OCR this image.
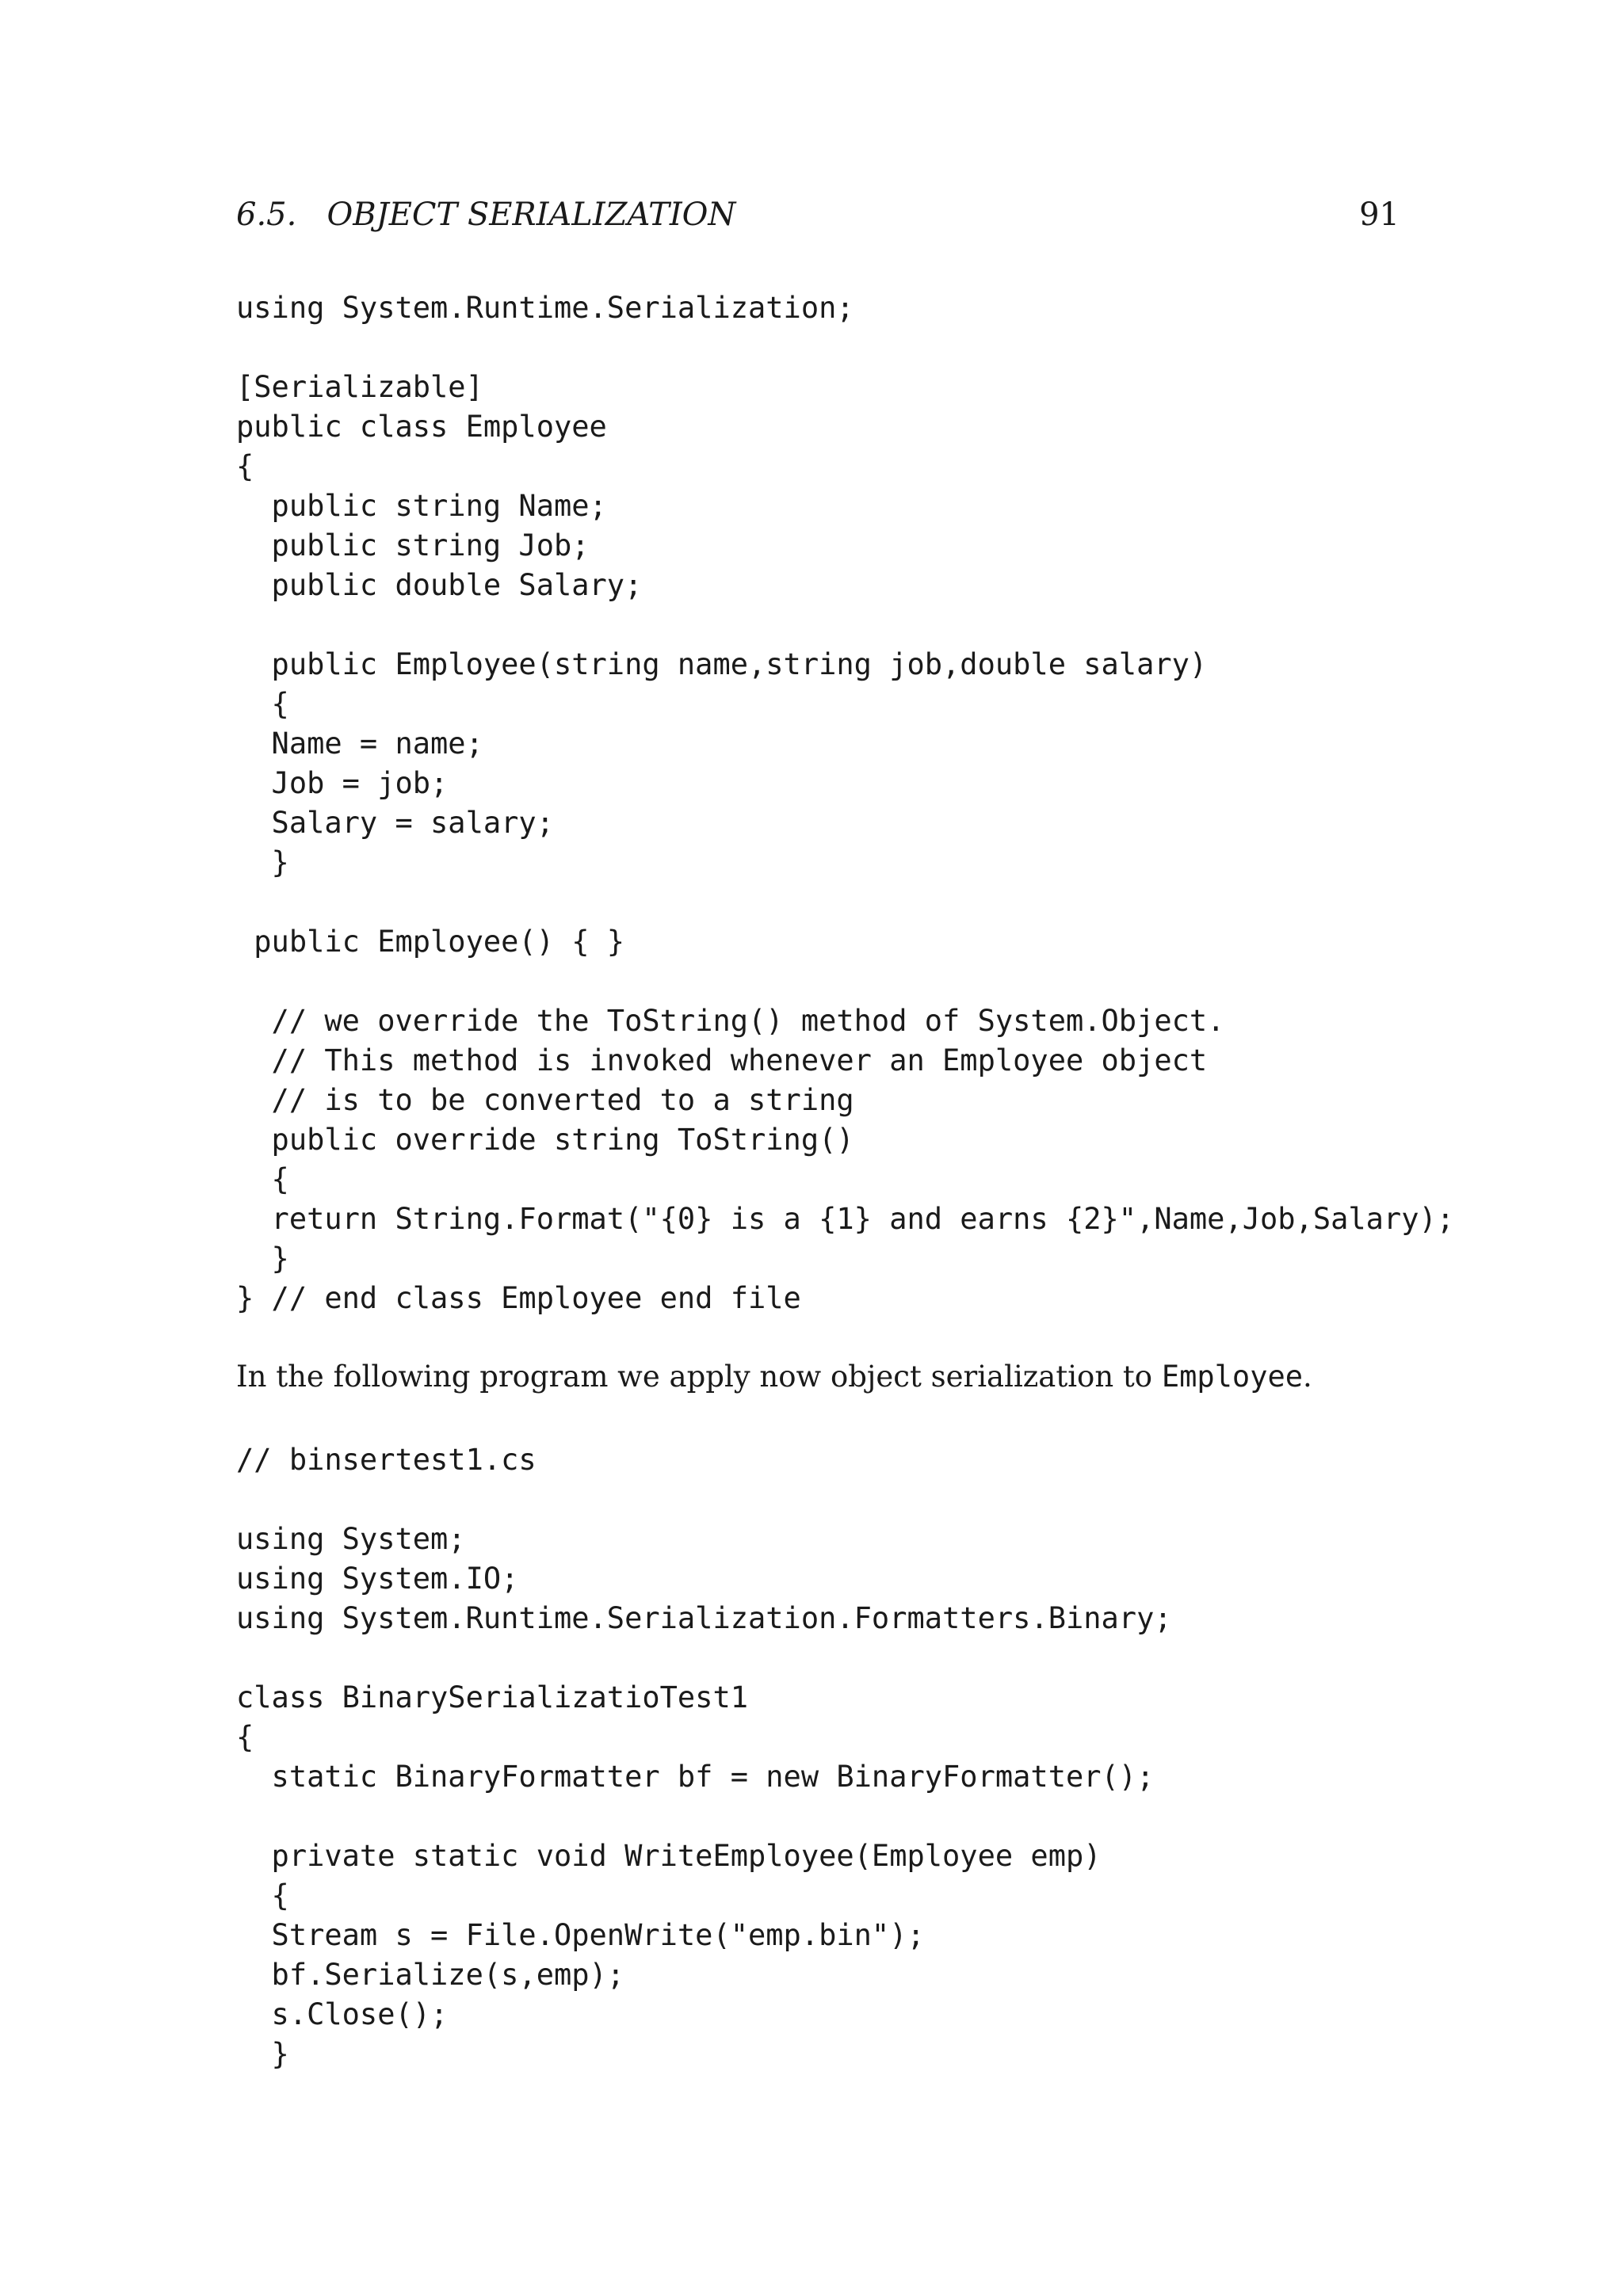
6.5.   OBJECT SERIALIZATION	91
using System.Runtime.Serialization;
[Serializable]
public class Employee
{
public string Name;
public string Job;
public double Salary;
public Employee(string name,string job,double salary)
{
Name = name;
Job = job;
Salary = salary;
}
public Employee() { }
// we override the ToString() method of System.Object.
// This method is invoked whenever an Employee object
// is to be converted to a string
public override string ToString()
{
return String.Format("{0} is a {1} and earns {2}",Name,Job,Salary);
}
} // end class Employee end file
In the following program we apply now object serialization to Employee.
// binsertest1.cs
using System;
using System.IO;
using System.Runtime.Serialization.Formatters.Binary;
class BinarySerializatioTest1
{
static BinaryFormatter bf = new BinaryFormatter();
private static void WriteEmployee(Employee emp)
{
Stream s = File.OpenWrite("emp.bin");
bf.Serialize(s,emp);
s.Close();
}
